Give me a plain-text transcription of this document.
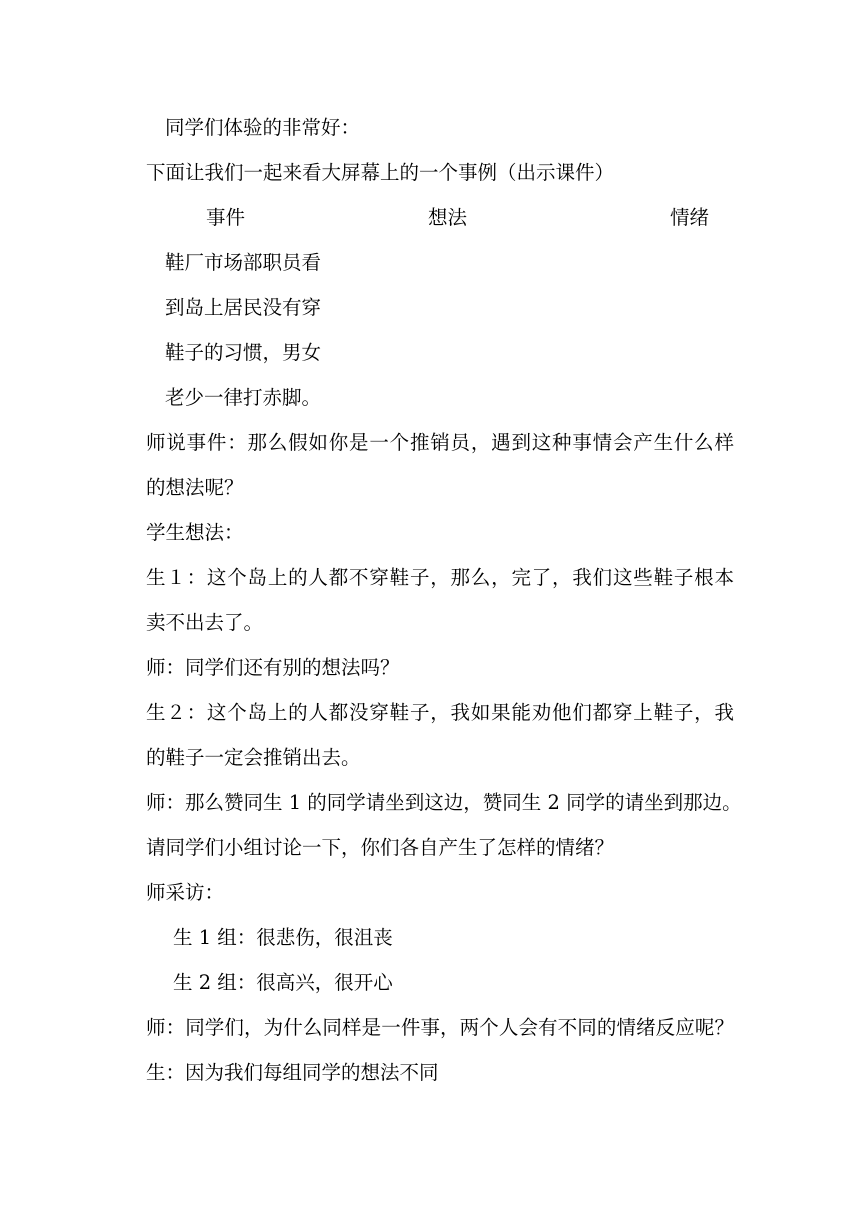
同学们体验的非常好：

下面让我们一起来看大屏幕上的一个事例（出示课件）

事件	想法	情绪

鞋厂市场部职员看

到岛上居民没有穿

鞋子的习惯，男女

老少一律打赤脚。

师说事件：那么假如你是一个推销员，遇到这种事情会产生什么样

的想法呢？

学生想法：

生１：这个岛上的人都不穿鞋子，那么，完了，我们这些鞋子根本

卖不出去了。

师：同学们还有别的想法吗？

生２：这个岛上的人都没穿鞋子，我如果能劝他们都穿上鞋子，我

的鞋子一定会推销出去。

师：那么赞同生 1 的同学请坐到这边，赞同生 2 同学的请坐到那边。

请同学们小组讨论一下，你们各自产生了怎样的情绪？

师采访：

生 1 组：很悲伤，很沮丧

生 2 组：很高兴，很开心

师：同学们，为什么同样是一件事，两个人会有不同的情绪反应呢？

生：因为我们每组同学的想法不同
